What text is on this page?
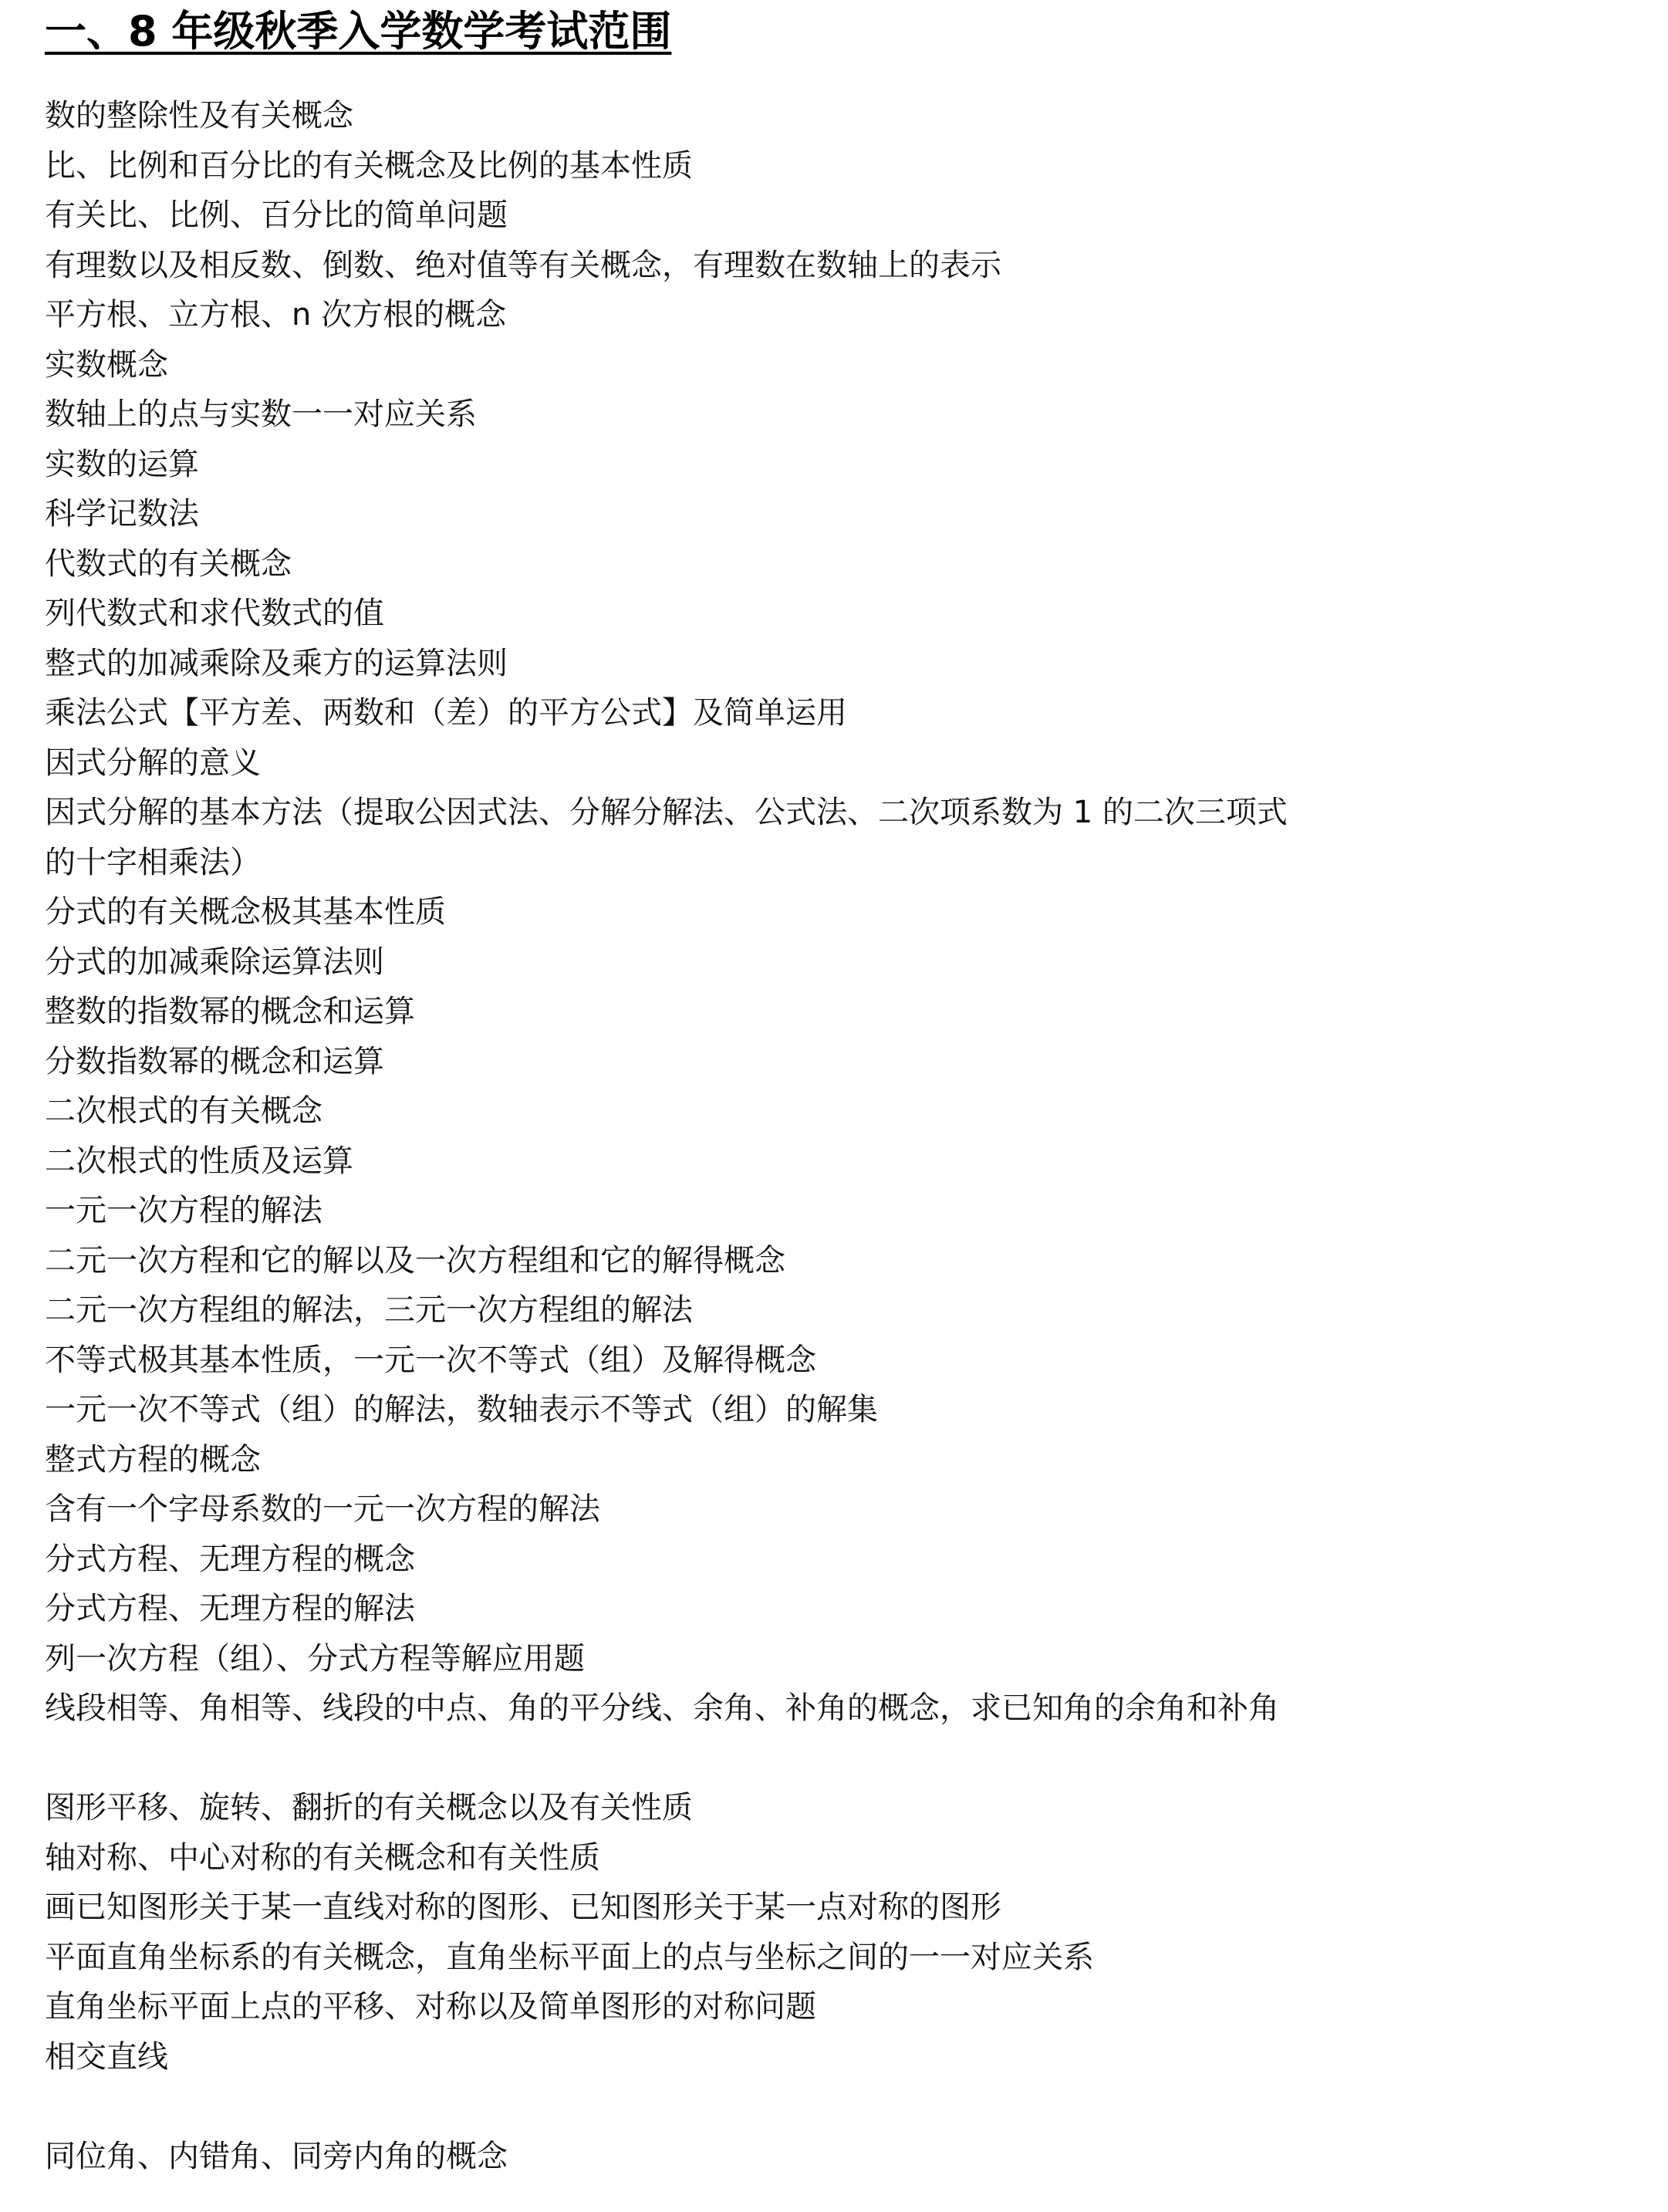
一、8 年级秋季入学数学考试范围
数的整除性及有关概念
比、比例和百分比的有关概念及比例的基本性质
有关比、比例、百分比的简单问题
有理数以及相反数、倒数、绝对值等有关概念，有理数在数轴上的表示
平方根、立方根、n 次方根的概念
实数概念
数轴上的点与实数一一对应关系
实数的运算
科学记数法
代数式的有关概念
列代数式和求代数式的值
整式的加减乘除及乘方的运算法则
乘法公式【平方差、两数和（差）的平方公式】及简单运用
因式分解的意义
因式分解的基本方法（提取公因式法、分解分解法、公式法、二次项系数为 1 的二次三项式
的十字相乘法）
分式的有关概念极其基本性质
分式的加减乘除运算法则
整数的指数幂的概念和运算
分数指数幂的概念和运算
二次根式的有关概念
二次根式的性质及运算
一元一次方程的解法
二元一次方程和它的解以及一次方程组和它的解得概念
二元一次方程组的解法，三元一次方程组的解法
不等式极其基本性质，一元一次不等式（组）及解得概念
一元一次不等式（组）的解法，数轴表示不等式（组）的解集
整式方程的概念
含有一个字母系数的一元一次方程的解法
分式方程、无理方程的概念
分式方程、无理方程的解法
列一次方程（组）、分式方程等解应用题
线段相等、角相等、线段的中点、角的平分线、余角、补角的概念，求已知角的余角和补角
图形平移、旋转、翻折的有关概念以及有关性质
轴对称、中心对称的有关概念和有关性质
画已知图形关于某一直线对称的图形、已知图形关于某一点对称的图形
平面直角坐标系的有关概念，直角坐标平面上的点与坐标之间的一一对应关系
直角坐标平面上点的平移、对称以及简单图形的对称问题
相交直线
同位角、内错角、同旁内角的概念
